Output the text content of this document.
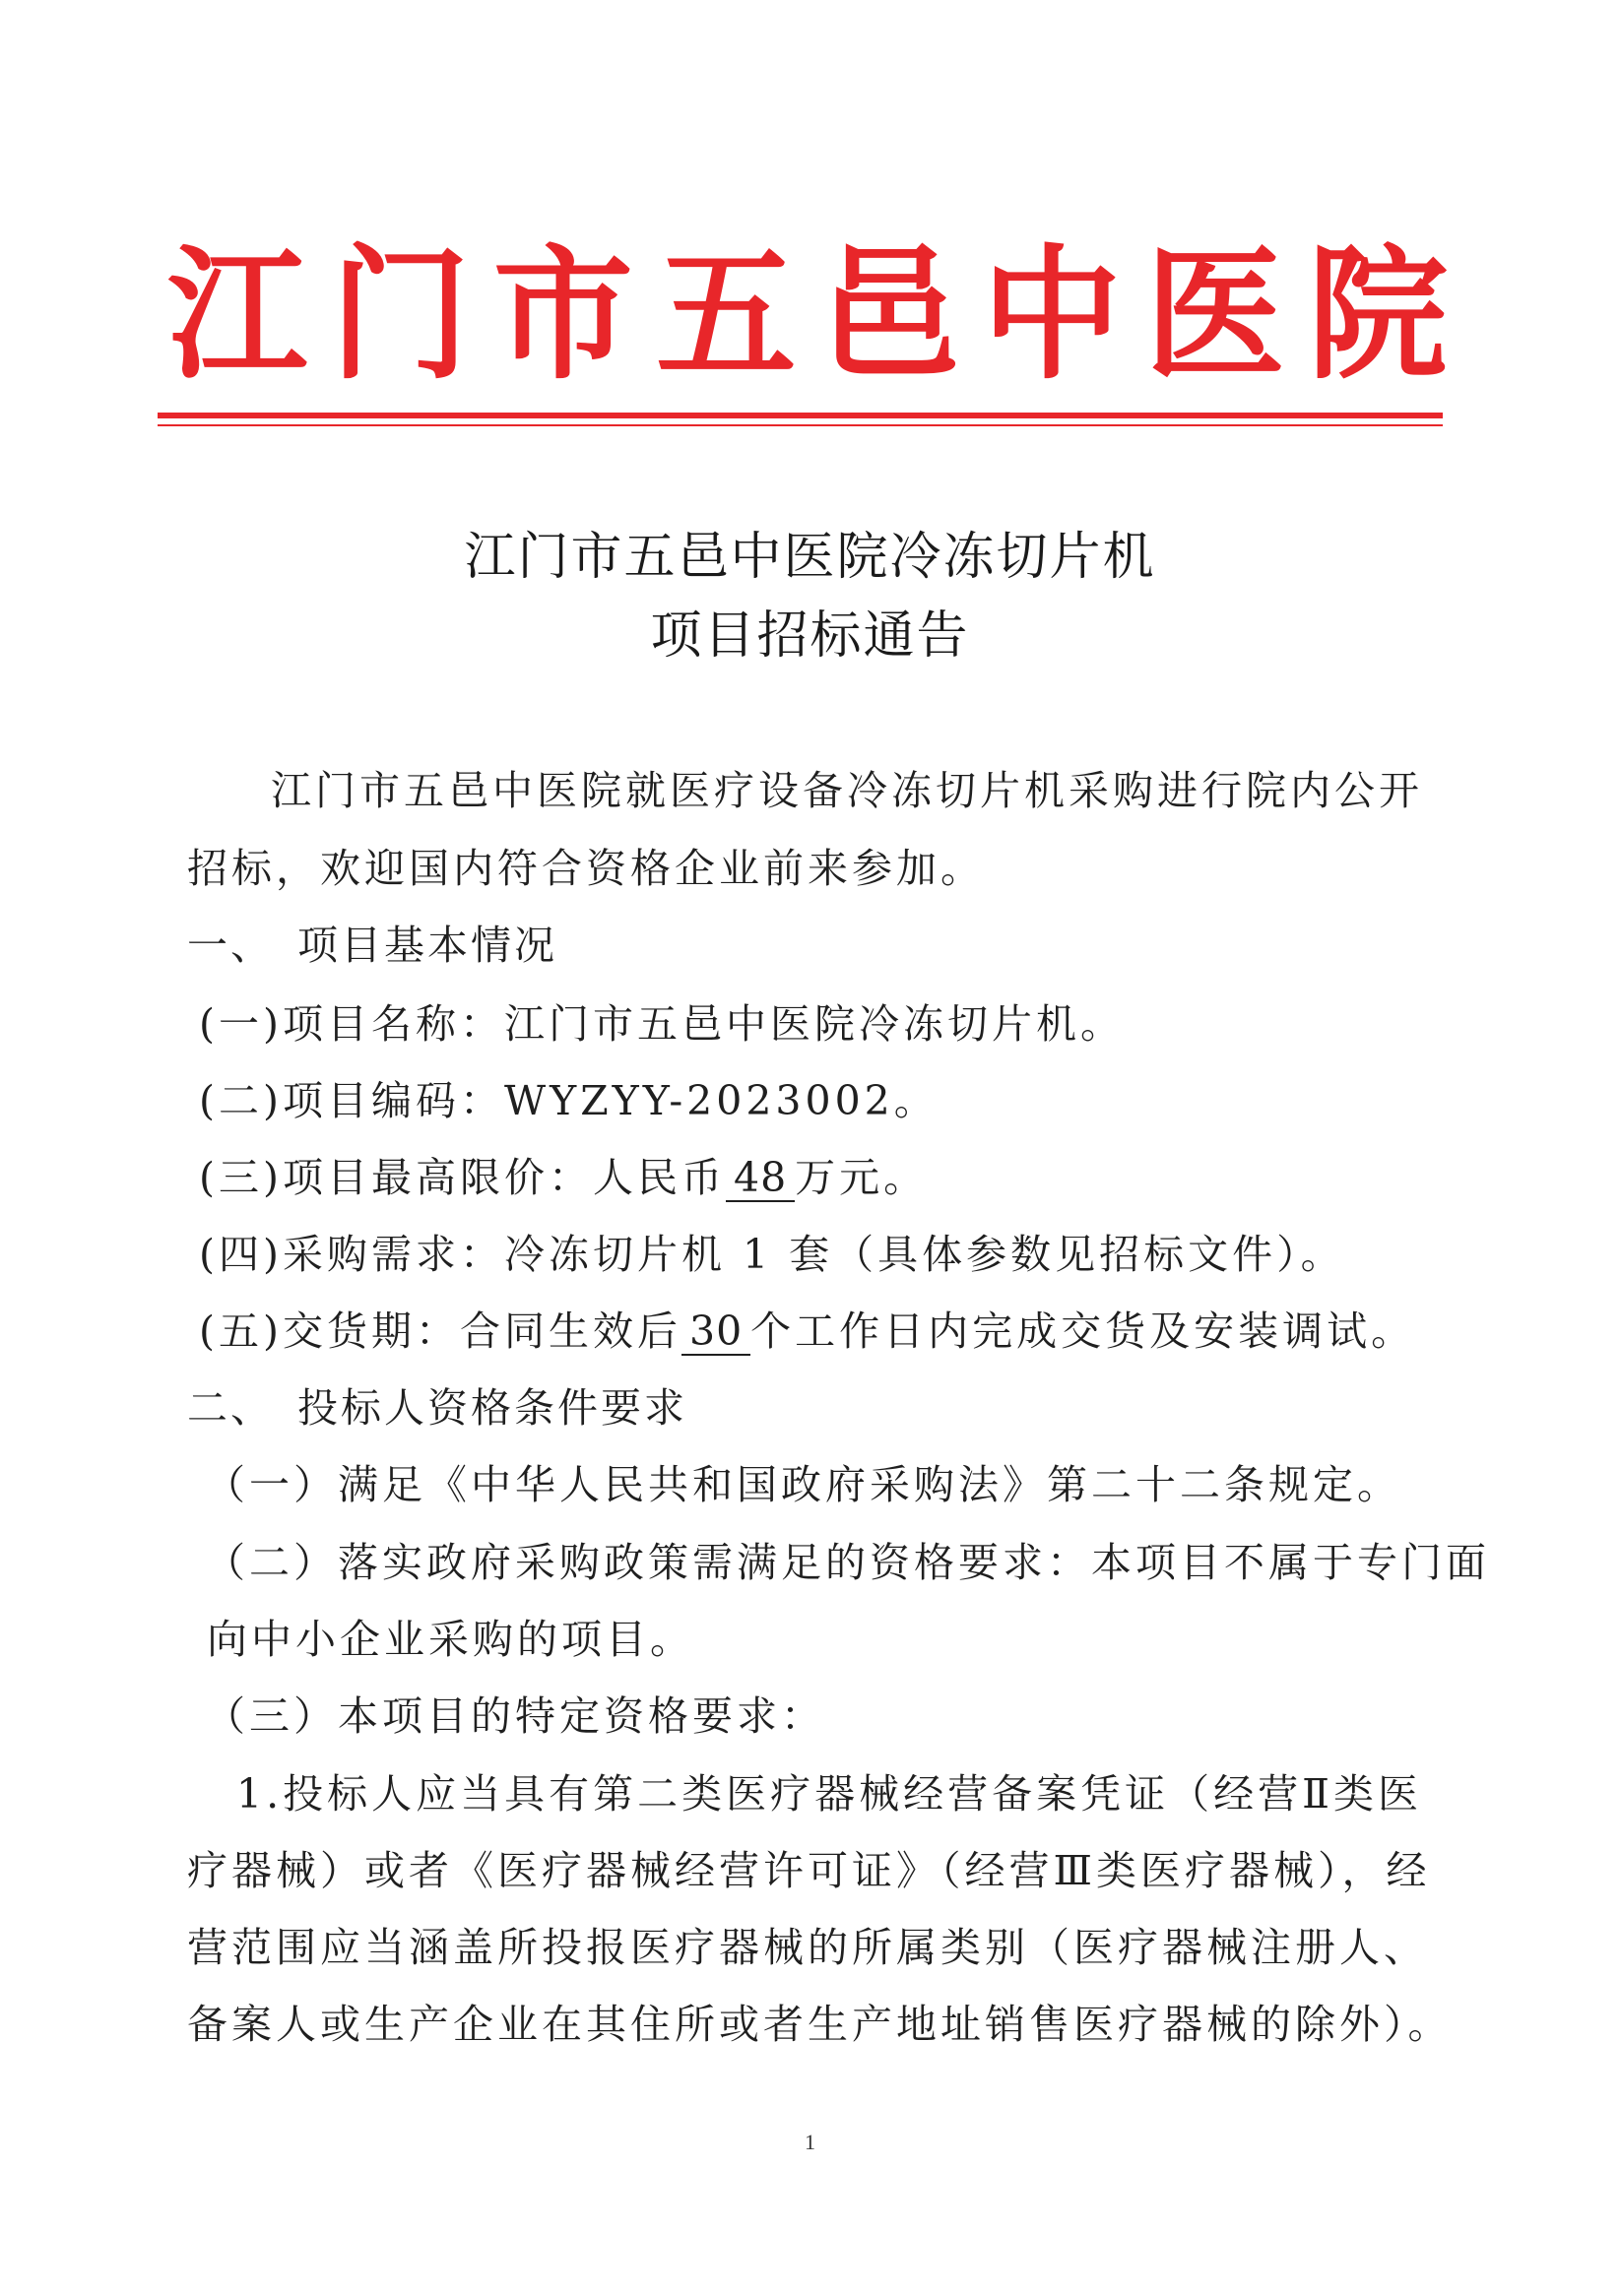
江 门 市 五 邑 中 医 院
江门市五邑中医院冷冻切片机
项目招标通告
江门市五邑中医院就医疗设备冷冻切片机采购进行院内公开
招标，欢迎国内符合资格企业前来参加。
一、 项目基本情况
(一)项目名称：江门市五邑中医院冷冻切片机。
(二)项目编码：WYZYY-2023002。
(三)项目最高限价：人民币 48 万元。
(四)采购需求：冷冻切片机 1 套（具体参数见招标文件）。
(五)交货期：合同生效后 30 个工作日内完成交货及安装调试。
二、 投标人资格条件要求
（一）满足《中华人民共和国政府采购法》第二十二条规定。
（二）落实政府采购政策需满足的资格要求：本项目不属于专门面
向中小企业采购的项目。
（三）本项目的特定资格要求：
1.投标人应当具有第二类医疗器械经营备案凭证（经营Ⅱ类医
疗器械）或者《医疗器械经营许可证》（经营Ⅲ类医疗器械），经
营范围应当涵盖所投报医疗器械的所属类别（医疗器械注册人、
备案人或生产企业在其住所或者生产地址销售医疗器械的除外）。
1
